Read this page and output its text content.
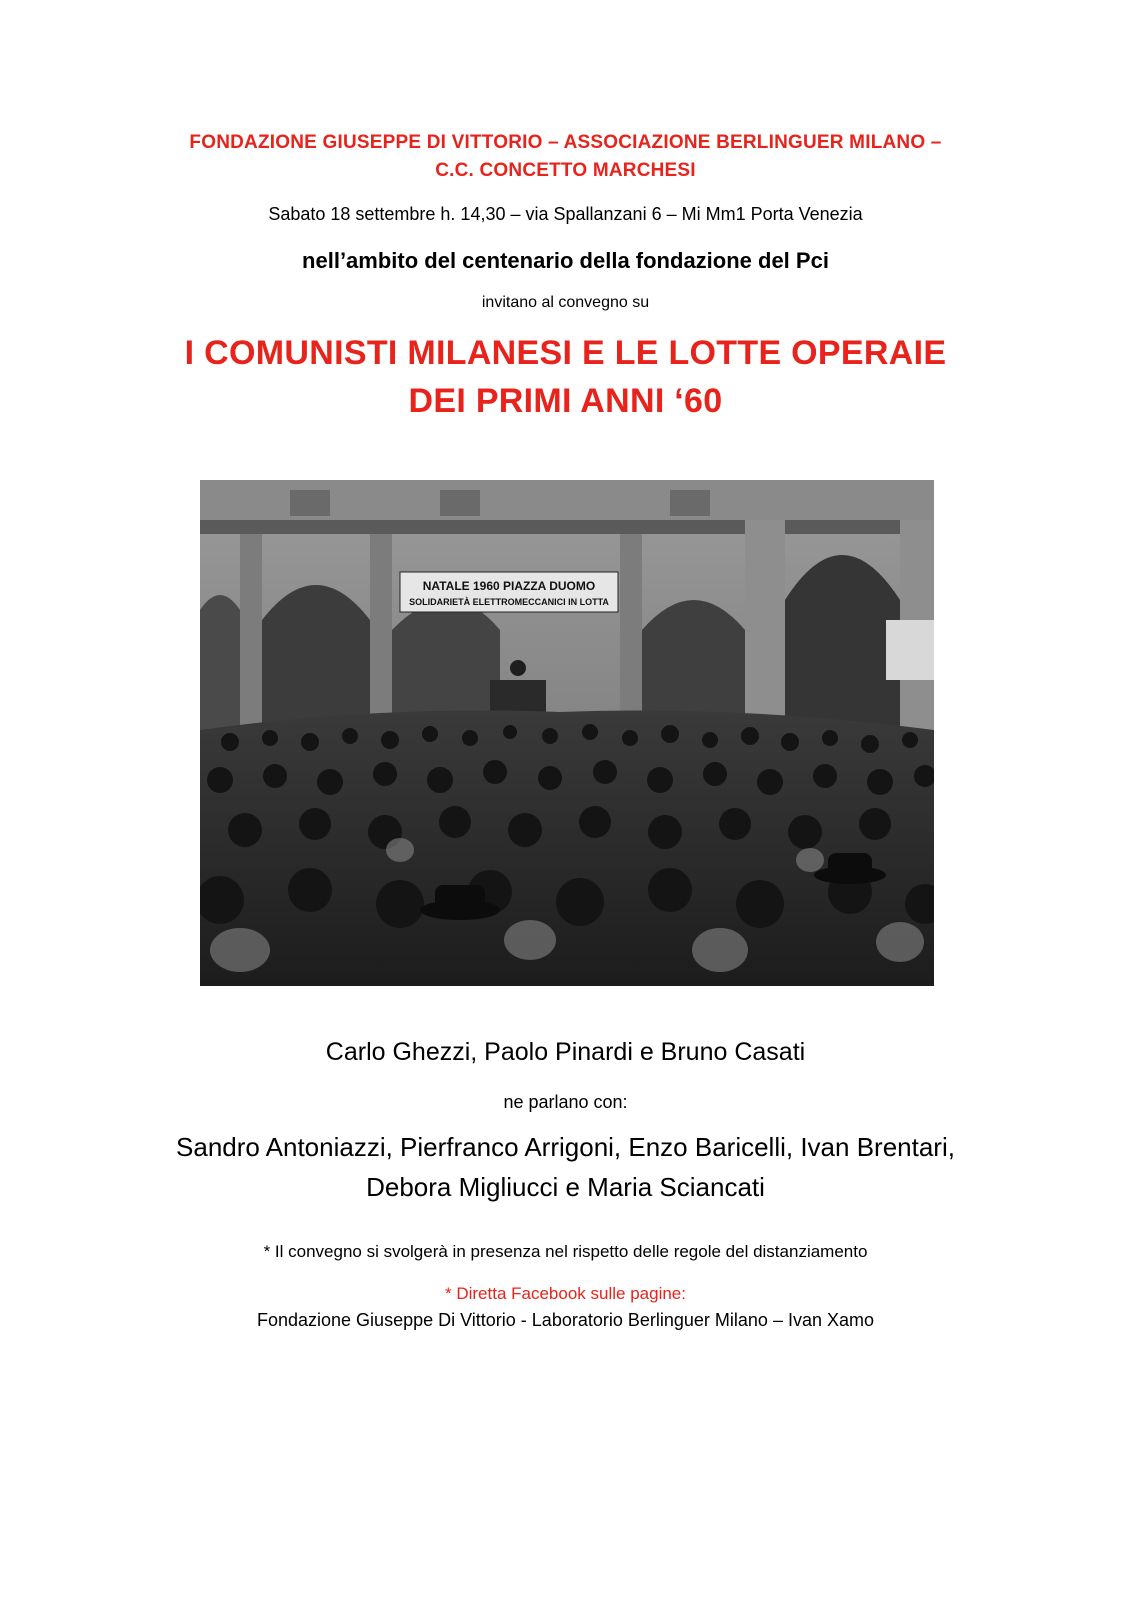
FONDAZIONE GIUSEPPE DI VITTORIO – ASSOCIAZIONE BERLINGUER MILANO –
C.C. CONCETTO MARCHESI
Sabato 18 settembre h. 14,30 – via Spallanzani 6 – Mi Mm1 Porta Venezia
nell’ambito del centenario della fondazione del Pci
invitano al convegno su
I COMUNISTI MILANESI E LE LOTTE OPERAIE
DEI PRIMI ANNI ‘60
NATALE 1960 PIAZZA DUOMO
SOLIDARIETÀ ELETTROMECCANICI IN LOTTA
Carlo Ghezzi, Paolo Pinardi e Bruno Casati
ne parlano con:
Sandro Antoniazzi, Pierfranco Arrigoni, Enzo Baricelli, Ivan Brentari,
Debora Migliucci e Maria Sciancati
* Il convegno si svolgerà in presenza nel rispetto delle regole del distanziamento
* Diretta Facebook sulle pagine:
Fondazione Giuseppe Di Vittorio - Laboratorio Berlinguer Milano – Ivan Xamo
